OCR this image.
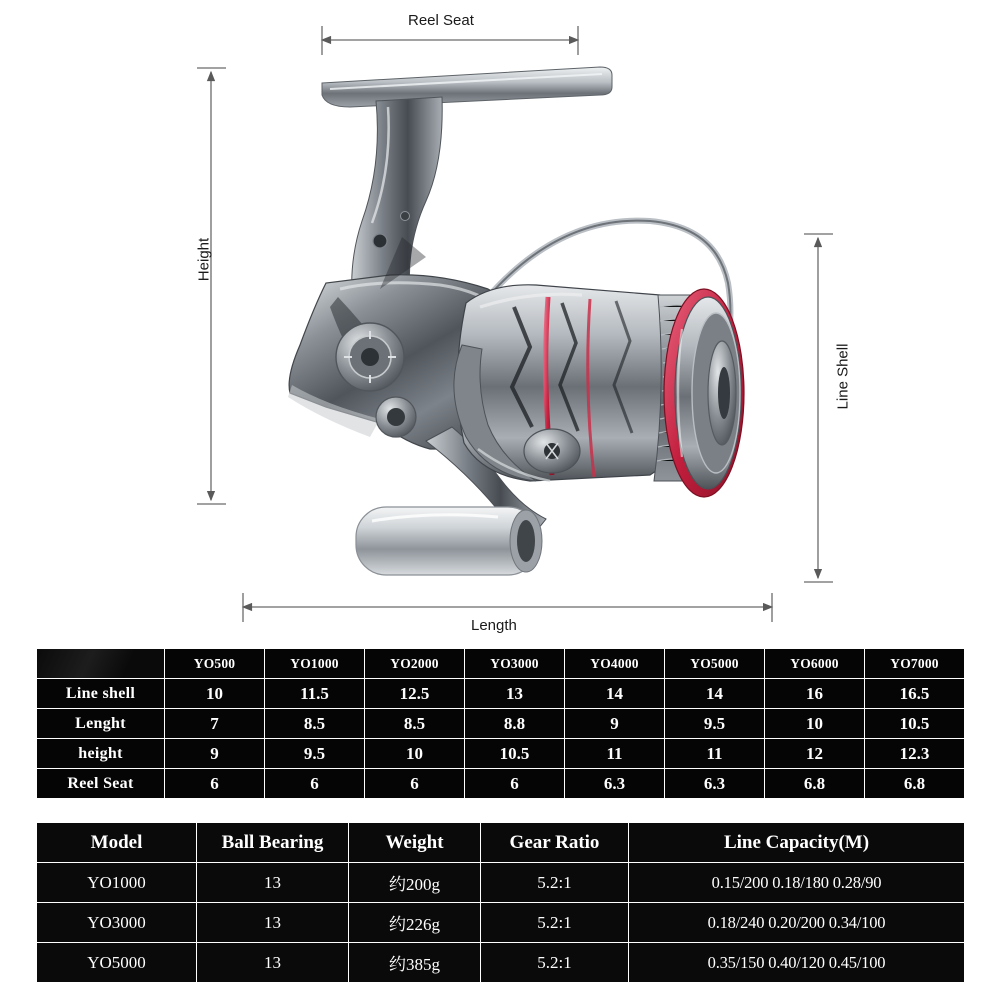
Reel Seat
Height
Line Shell
Length
	YO500	YO1000	YO2000	YO3000	YO4000	YO5000	YO6000	YO7000
Line shell	10	11.5	12.5	13	14	14	16	16.5
Lenght	7	8.5	8.5	8.8	9	9.5	10	10.5
height	9	9.5	10	10.5	11	11	12	12.3
Reel Seat	6	6	6	6	6.3	6.3	6.8	6.8
Model	Ball Bearing	Weight	Gear Ratio	Line Capacity(M)
YO1000	13	约200g	5.2:1	0.15/200 0.18/180 0.28/90
YO3000	13	约226g	5.2:1	0.18/240 0.20/200 0.34/100
YO5000	13	约385g	5.2:1	0.35/150 0.40/120 0.45/100
